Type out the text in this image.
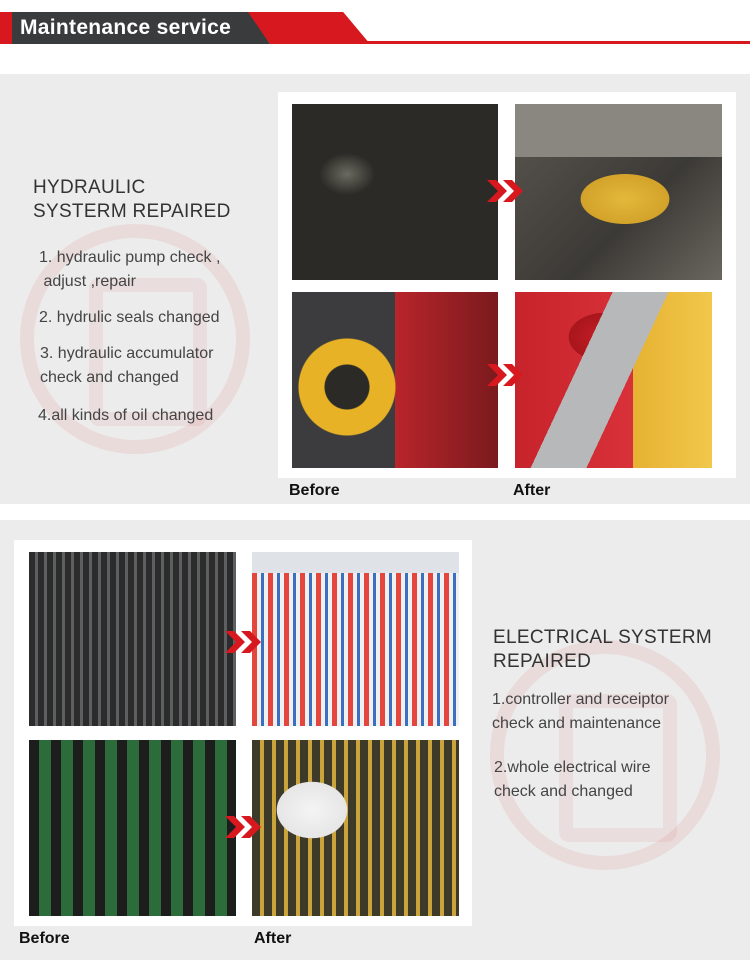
Maintenance service
HYDRAULIC
SYSTERM REPAIRED
1. hydraulic pump check ,
adjust ,repair
2. hydrulic seals changed
3. hydraulic accumulator
check and changed
4.all kinds of oil changed
Before	After
ELECTRICAL SYSTERM
REPAIRED
1.controller and receiptor
check and maintenance
2.whole electrical wire
check and changed
Before	After
